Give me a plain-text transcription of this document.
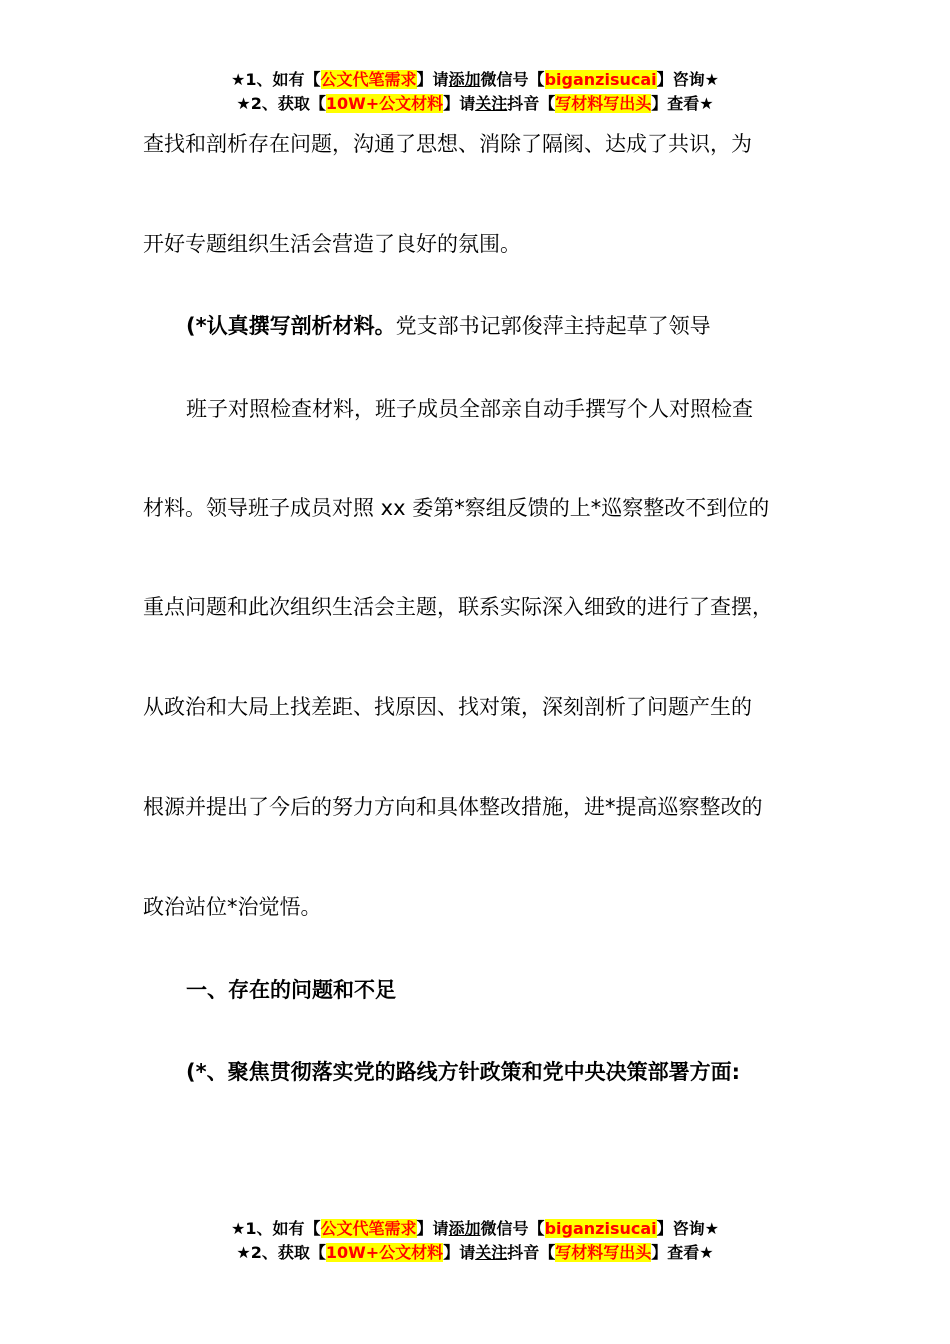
★1、如有【公文代笔需求】请添加微信号【biganzisucai】咨询★
★2、获取【10W+公文材料】请关注抖音【写材料写出头】查看★
查找和剖析存在问题，沟通了思想、消除了隔阂、达成了共识，为
开好专题组织生活会营造了良好的氛围。
(*认真撰写剖析材料。党支部书记郭俊萍主持起草了领导
班子对照检查材料，班子成员全部亲自动手撰写个人对照检查
材料。领导班子成员对照 xx 委第*察组反馈的上*巡察整改不到位的
重点问题和此次组织生活会主题，联系实际深入细致的进行了查摆，
从政治和大局上找差距、找原因、找对策，深刻剖析了问题产生的
根源并提出了今后的努力方向和具体整改措施，进*提高巡察整改的
政治站位*治觉悟。
一、存在的问题和不足
(*、聚焦贯彻落实党的路线方针政策和党中央决策部署方面:
★1、如有【公文代笔需求】请添加微信号【biganzisucai】咨询★
★2、获取【10W+公文材料】请关注抖音【写材料写出头】查看★
